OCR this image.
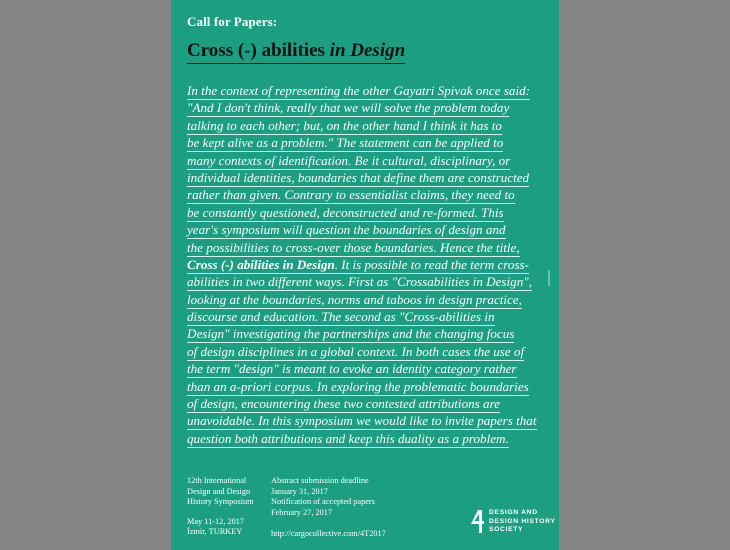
Call for Papers:
Cross (-) abilities in Design
In the context of representing the other Gayatri Spivak once said:
"And I don't think, really that we will solve the problem today
talking to each other; but, on the other hand I think it has to
be kept alive as a problem." The statement can be applied to
many contexts of identification. Be it cultural, disciplinary, or
individual identities, boundaries that define them are constructed
rather than given. Contrary to essentialist claims, they need to
be constantly questioned, deconstructed and re-formed. This
year's symposium will question the boundaries of design and
the possibilities to cross-over those boundaries. Hence the title,
Cross (-) abilities in Design. It is possible to read the term cross-
abilities in two different ways. First as "Crossabilities in Design",
looking at the boundaries, norms and taboos in design practice,
discourse and education. The second as "Cross-abilities in
Design" investigating the partnerships and the changing focus
of design disciplines in a global context. In both cases the use of
the term "design" is meant to evoke an identity category rather
than an a-priori corpus. In exploring the problematic boundaries
of design, encountering these two contested attributions are
unavoidable. In this symposium we would like to invite papers that
question both attributions and keep this duality as a problem.
12th International
Design and Design
History Symposium
May 11-12, 2017
İzmir, TURKEY
Abstract submission deadline
January 31, 2017
Notification of accepted papers
February 27, 2017
http://cargocollective.com/4T2017
DESIGN AND
DESIGN HISTORY
SOCIETY
